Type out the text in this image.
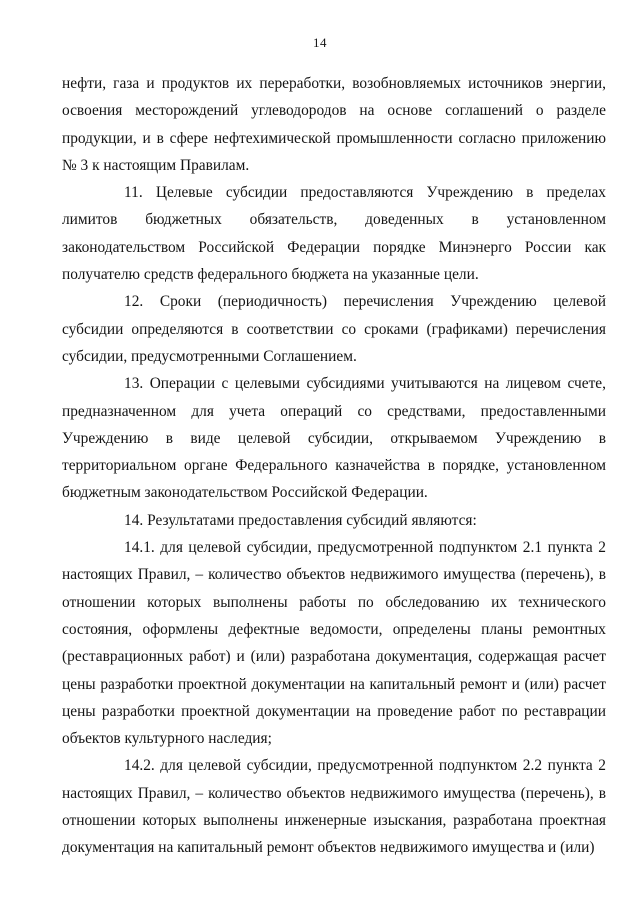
14

нефти, газа и продуктов их переработки, возобновляемых источников энергии, освоения месторождений углеводородов на основе соглашений о разделе продукции, и в сфере нефтехимической промышленности согласно приложению № 3 к настоящим Правилам.

11. Целевые субсидии предоставляются Учреждению в пределах лимитов бюджетных обязательств, доведенных в установленном законодательством Российской Федерации порядке Минэнерго России как получателю средств федерального бюджета на указанные цели.

12. Сроки (периодичность) перечисления Учреждению целевой субсидии определяются в соответствии со сроками (графиками) перечисления субсидии, предусмотренными Соглашением.

13. Операции с целевыми субсидиями учитываются на лицевом счете, предназначенном для учета операций со средствами, предоставленными Учреждению в виде целевой субсидии, открываемом Учреждению в территориальном органе Федерального казначейства в порядке, установленном бюджетным законодательством Российской Федерации.

14. Результатами предоставления субсидий являются:

14.1. для целевой субсидии, предусмотренной подпунктом 2.1 пункта 2 настоящих Правил, – количество объектов недвижимого имущества (перечень), в отношении которых выполнены работы по обследованию их технического состояния, оформлены дефектные ведомости, определены планы ремонтных (реставрационных работ) и (или) разработана документация, содержащая расчет цены разработки проектной документации на капитальный ремонт и (или) расчет цены разработки проектной документации на проведение работ по реставрации объектов культурного наследия;

14.2. для целевой субсидии, предусмотренной подпунктом 2.2 пункта 2 настоящих Правил, – количество объектов недвижимого имущества (перечень), в отношении которых выполнены инженерные изыскания, разработана проектная документация на капитальный ремонт объектов недвижимого имущества и (или)
